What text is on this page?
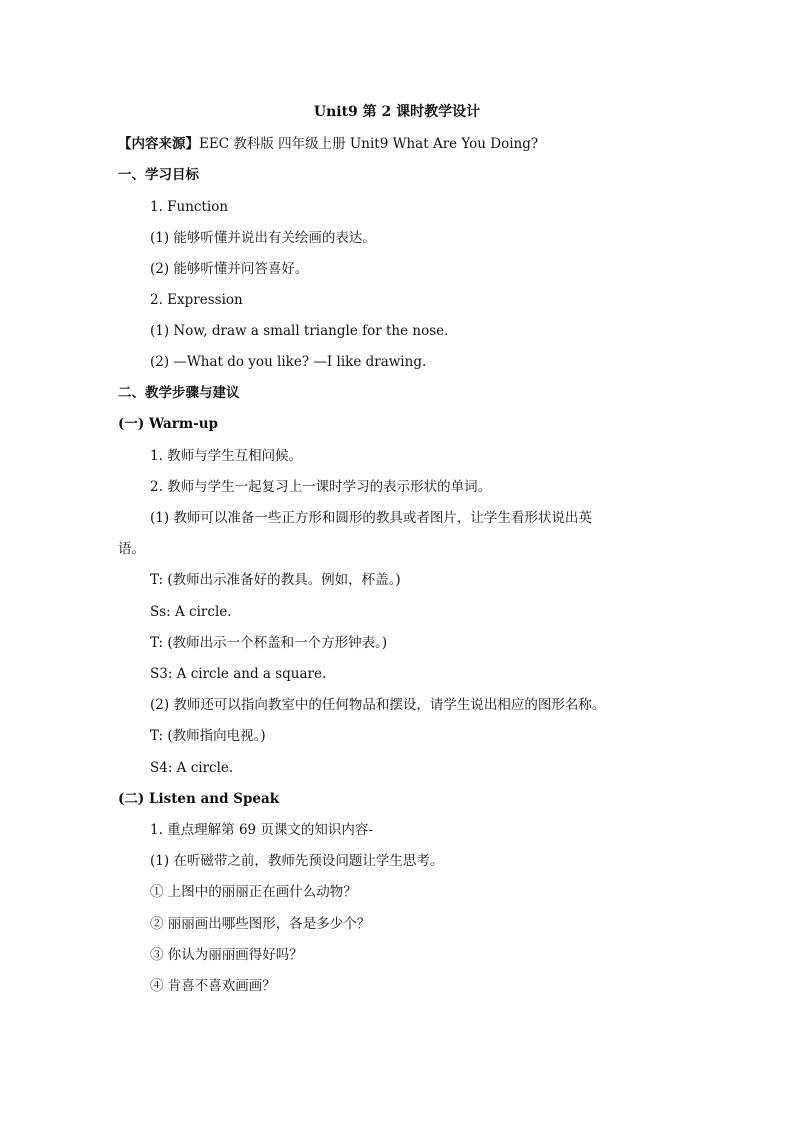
Unit9 第 2 课时教学设计
【内容来源】EEC 教科版 四年级上册 Unit9 What Are You Doing?
一、学习目标
1. Function
(1) 能够听懂并说出有关绘画的表达。
(2) 能够听懂并问答喜好。
2. Expression
(1) Now, draw a small triangle for the nose.
(2) —What do you like? —I like drawing.
二、教学步骤与建议
(一) Warm-up
1. 教师与学生互相问候。
2. 教师与学生一起复习上一课时学习的表示形状的单词。
(1) 教师可以准备一些正方形和圆形的教具或者图片，让学生看形状说出英
语。
T: (教师出示准备好的教具。例如，杯盖。)
Ss: A circle.
T: (教师出示一个杯盖和一个方形钟表。)
S3: A circle and a square.
(2) 教师还可以指向教室中的任何物品和摆设，请学生说出相应的图形名称。
T: (教师指向电视。)
S4: A circle.
(二) Listen and Speak
1. 重点理解第 69 页课文的知识内容-
(1) 在听磁带之前，教师先预设问题让学生思考。
① 上图中的丽丽正在画什么动物？
② 丽丽画出哪些图形，各是多少个？
③ 你认为丽丽画得好吗？
④ 肯喜不喜欢画画？
